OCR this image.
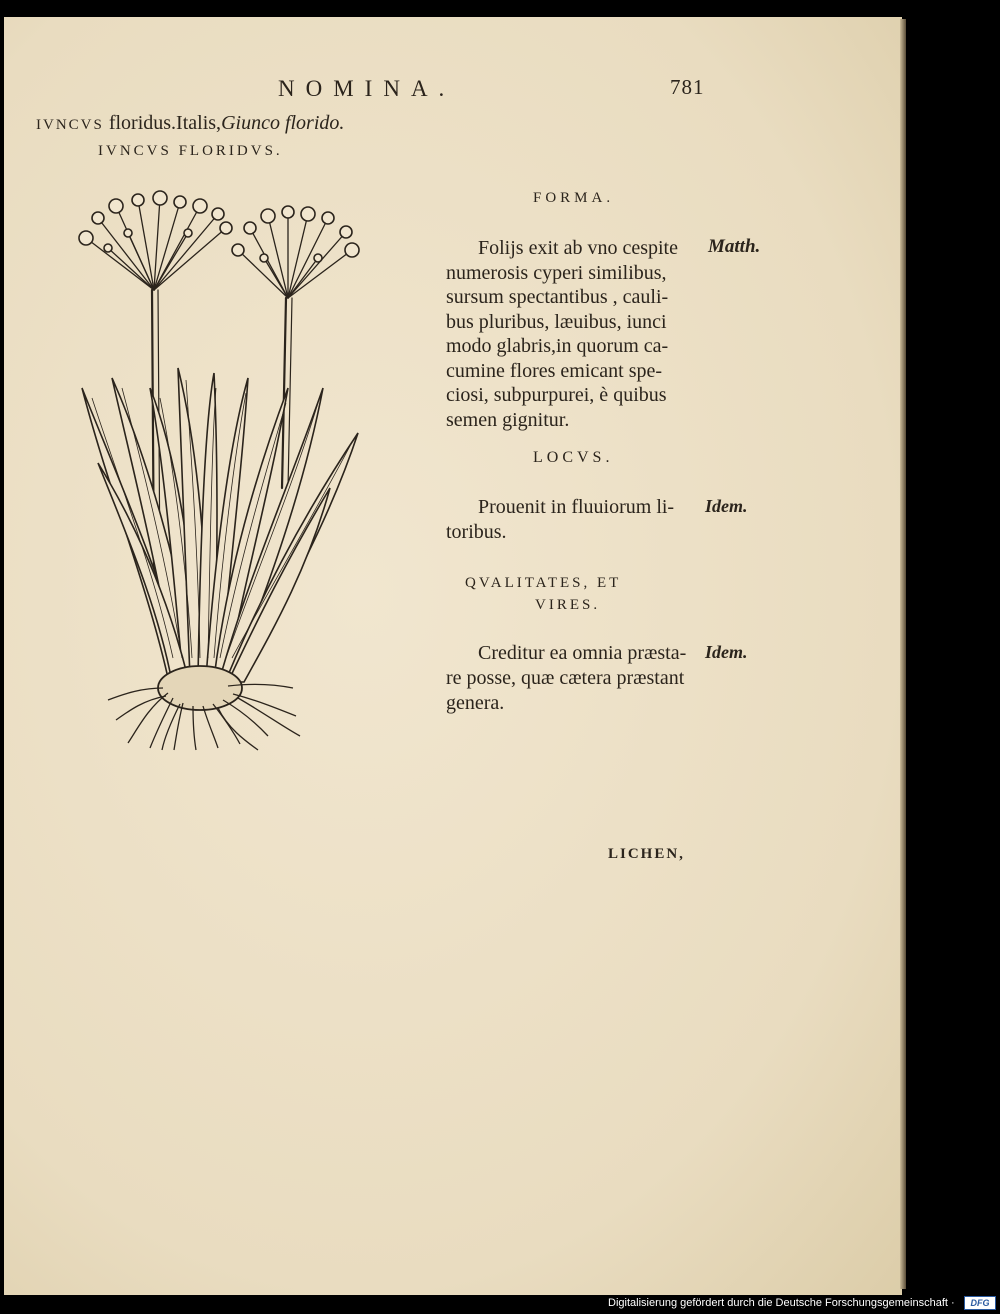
NOMINA.	781
IVNCVS floridus.Italis,Giunco florido.
IVNCVS FLORIDVS.
FORMA.
Folijs exit ab vno cespite
numerosis cyperi similibus,
sursum spectantibus , cauli-
bus pluribus, læuibus, iunci
modo glabris,in quorum ca-
cumine flores emicant spe-
ciosi, subpurpurei, è quibus
semen gignitur.
Matth.
LOCVS.
Prouenit in fluuiorum li-
toribus.
Idem.
QVALITATES, ET
VIRES.
Creditur ea omnia præsta-
re posse, quæ cætera præstant
genera.
Idem.
LICHEN,
Digitalisierung gefördert durch die Deutsche Forschungsgemeinschaft ·	DFG
